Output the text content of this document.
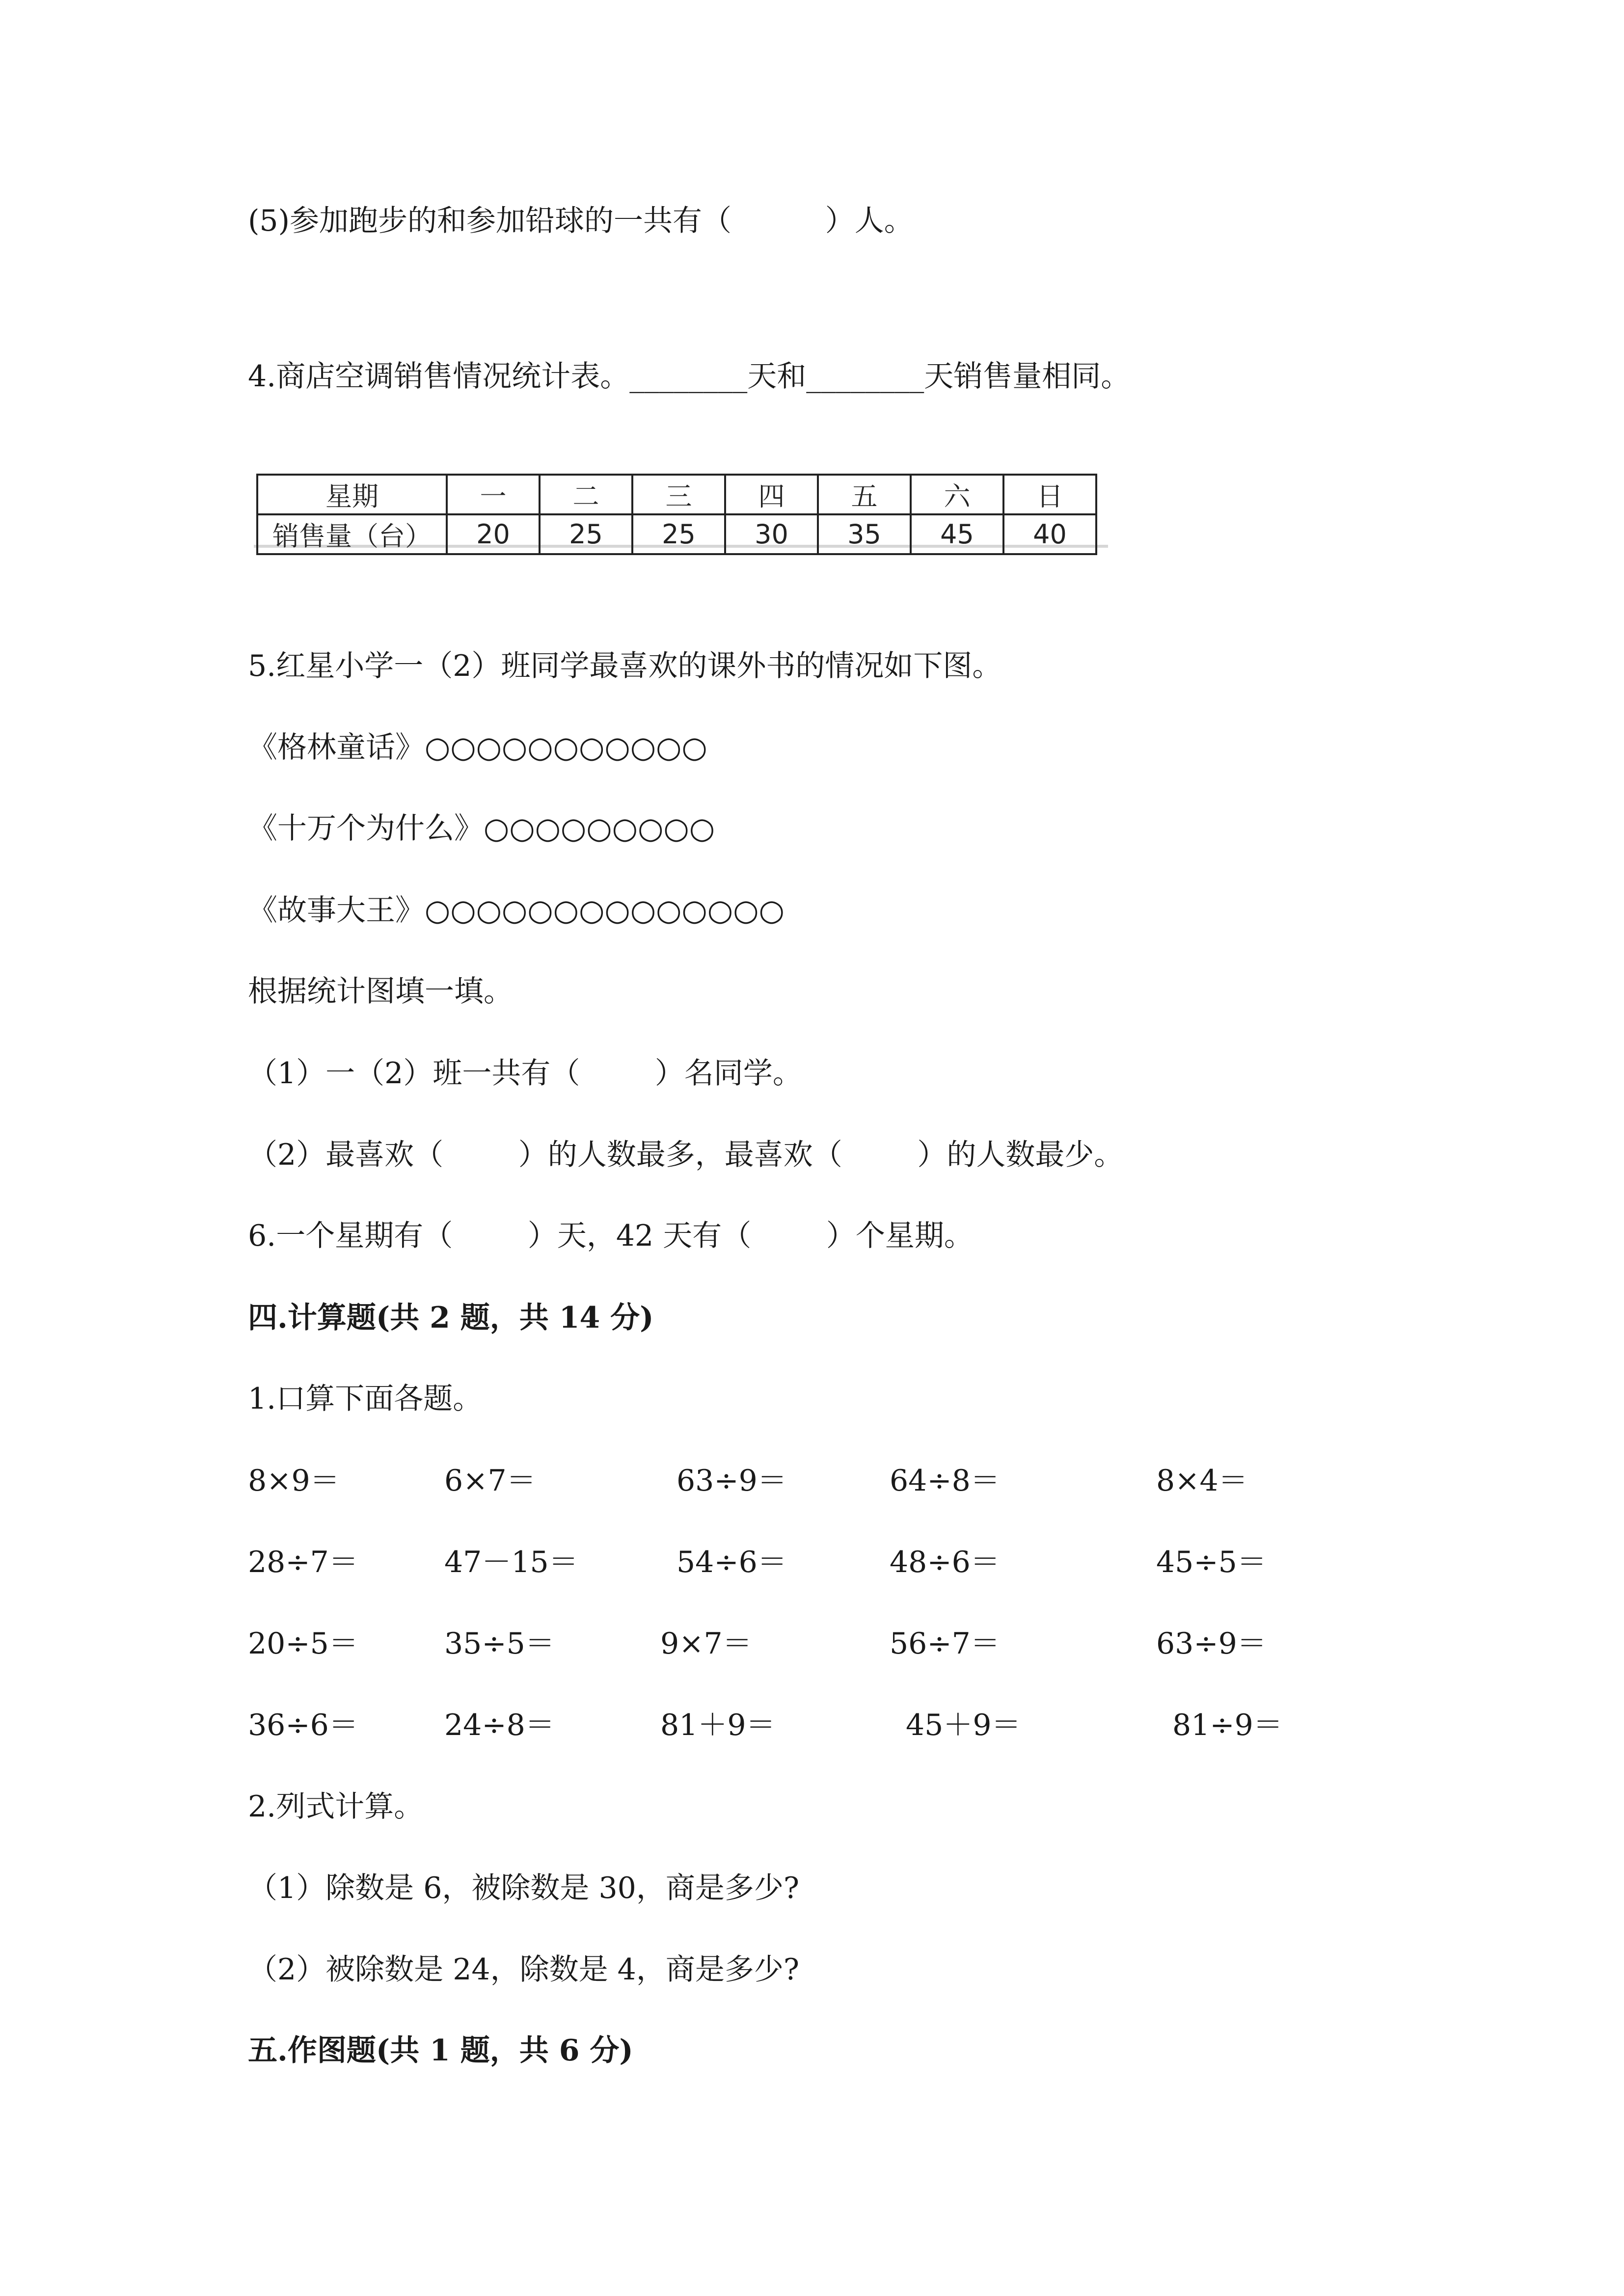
(5)参加跑步的和参加铅球的一共有（          ）人。
4.商店空调销售情况统计表。________天和________天销售量相同。
星期	一	二	三	四	五	六	日
销售量（台）	20	25	25	30	35	45	40
5.红星小学一（2）班同学最喜欢的课外书的情况如下图。
《格林童话》○○○○○○○○○○○
《十万个为什么》○○○○○○○○○
《故事大王》○○○○○○○○○○○○○○
根据统计图填一填。
（1）一（2）班一共有（        ）名同学。
（2）最喜欢（        ）的人数最多，最喜欢（        ）的人数最少。
6.一个星期有（        ）天，42 天有（        ）个星期。
四.计算题(共 2 题，共 14 分)
1.口算下面各题。
8×9＝	6×7＝	63÷9＝	64÷8＝	8×4＝
28÷7＝	47－15＝	54÷6＝	48÷6＝	45÷5＝
20÷5＝	35÷5＝	9×7＝	56÷7＝	63÷9＝
36÷6＝	24÷8＝	81＋9＝	45＋9＝	81÷9＝
2.列式计算。
（1）除数是 6，被除数是 30，商是多少?
（2）被除数是 24，除数是 4，商是多少?
五.作图题(共 1 题，共 6 分)
